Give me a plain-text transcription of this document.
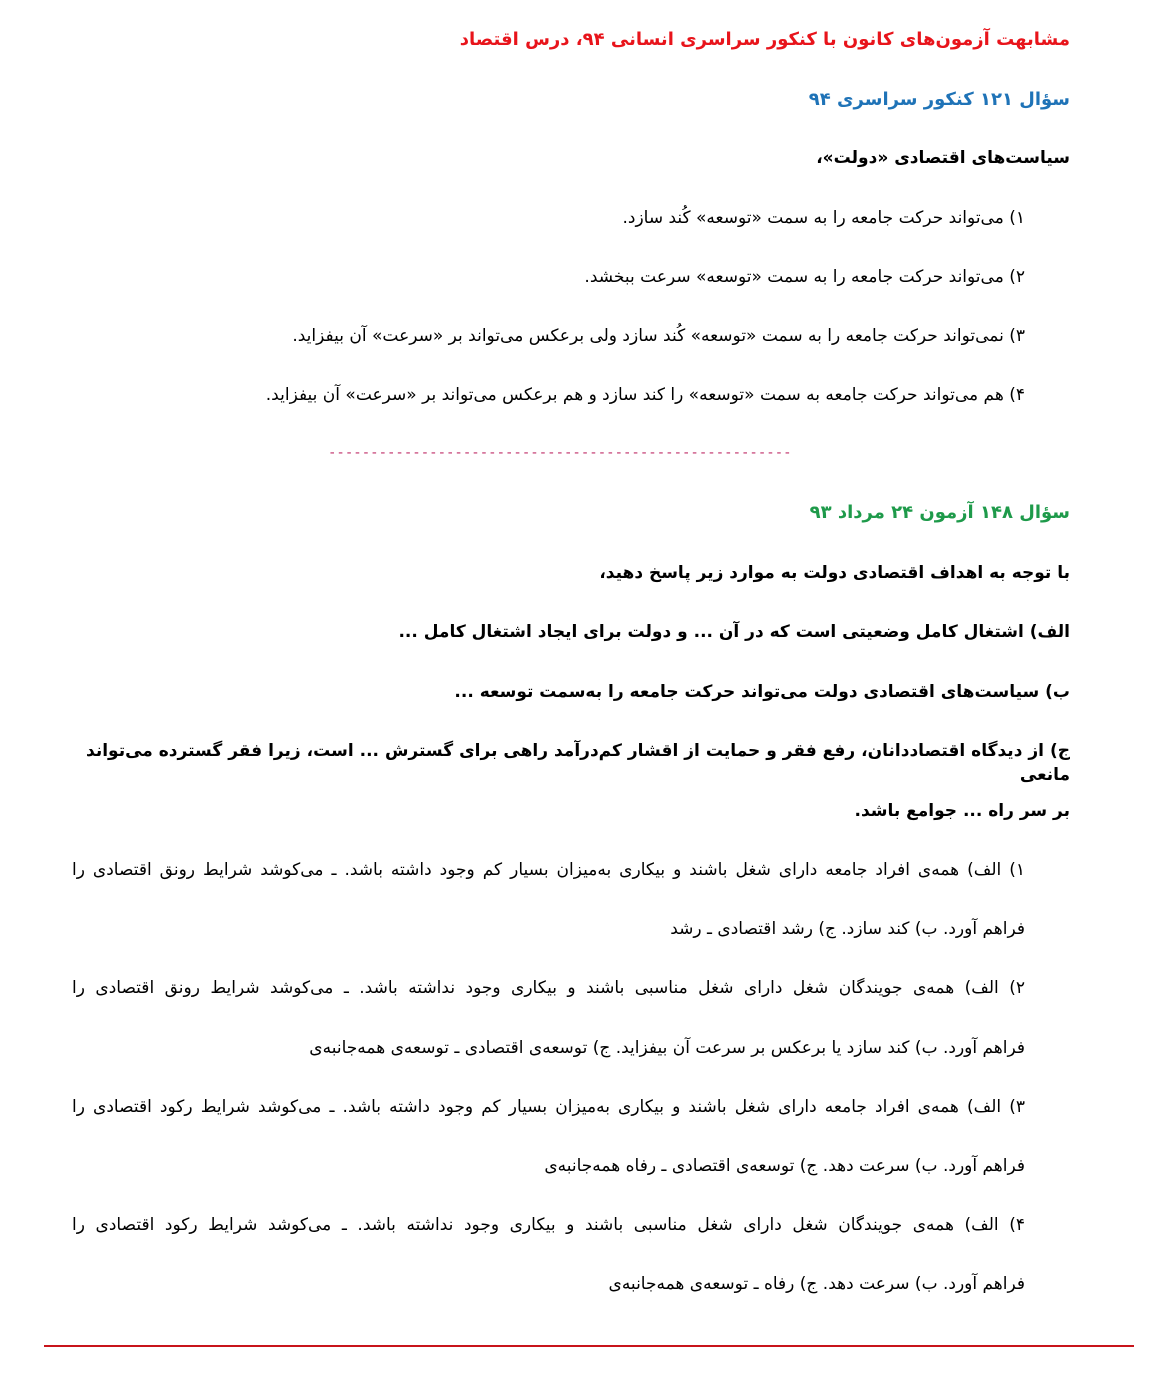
مشابهت آزمون‌های کانون با کنکور سراسری انسانی ۹۴، درس اقتصاد
سؤال ۱۲۱ کنکور سراسری ۹۴
سیاست‌های اقتصادی «دولت»،
۱) می‌تواند حرکت جامعه را به سمت «توسعه» کُند سازد.
۲) می‌تواند حرکت جامعه را به سمت «توسعه» سرعت ببخشد.
۳) نمی‌تواند حرکت جامعه را به سمت «توسعه» کُند سازد ولی برعکس می‌تواند بر «سرعت» آن بیفزاید.
۴) هم می‌تواند حرکت جامعه به سمت «توسعه» را کند سازد و هم برعکس می‌تواند بر «سرعت» آن بیفزاید.
-------------------------------------------------------
سؤال ۱۴۸ آزمون ۲۴ مرداد ۹۳
با توجه به اهداف اقتصادی دولت به موارد زیر پاسخ دهید،
الف) اشتغال کامل وضعیتی است که در آن ... و دولت برای ایجاد اشتغال کامل ...
ب) سیاست‌های اقتصادی دولت می‌تواند حرکت جامعه را به‌سمت توسعه ...
ج) از دیدگاه اقتصاددانان، رفع فقر و حمایت از اقشار کم‌درآمد راهی برای گسترش ... است، زیرا فقر گسترده می‌تواند مانعی
بر سر راه ... جوامع باشد.
۱) الف) همه‌ی افراد جامعه دارای شغل باشند و بیکاری به‌میزان بسیار کم وجود داشته باشد. ـ می‌کوشد شرایط رونق اقتصادی را
فراهم آورد. ب) کند سازد. ج) رشد اقتصادی ـ رشد
۲) الف) همه‌ی جویندگان شغل دارای شغل مناسبی باشند و بیکاری وجود نداشته باشد. ـ می‌کوشد شرایط رونق اقتصادی را
فراهم آورد. ب) کند سازد یا برعکس بر سرعت آن بیفزاید. ج) توسعه‌ی اقتصادی ـ توسعه‌ی همه‌جانبه‌ی
۳) الف) همه‌ی افراد جامعه دارای شغل باشند و بیکاری به‌میزان بسیار کم وجود داشته باشد. ـ می‌کوشد شرایط رکود اقتصادی را
فراهم آورد. ب) سرعت دهد. ج) توسعه‌ی اقتصادی ـ رفاه همه‌جانبه‌ی
۴) الف) همه‌ی جویندگان شغل دارای شغل مناسبی باشند و بیکاری وجود نداشته باشد. ـ می‌کوشد شرایط رکود اقتصادی را
فراهم آورد. ب) سرعت دهد. ج) رفاه ـ توسعه‌ی همه‌جانبه‌ی
